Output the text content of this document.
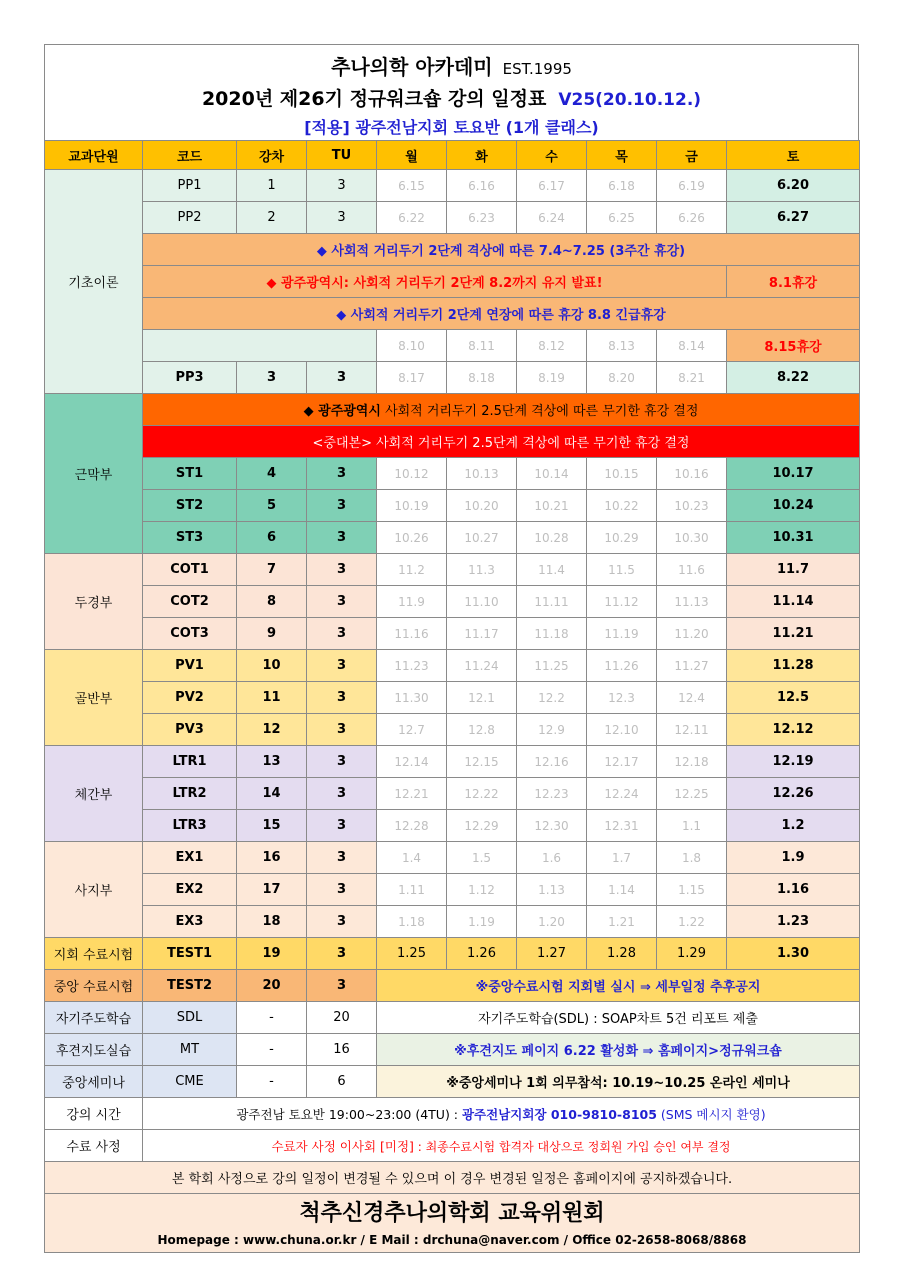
추나의학 아카데미 EST.1995
2020년 제26기 정규워크숍 강의 일정표 V25(20.10.12.)
[적용] 광주전남지회 토요반 (1개 클래스)
교과단원	코드	강차	TU	월	화	수	목	금	토
기초이론	PP1	1	3	6.15	6.16	6.17	6.18	6.19	6.20
	PP2	2	3	6.22	6.23	6.24	6.25	6.26	6.27
	◆ 사회적 거리두기 2단계 격상에 따른 7.4~7.25 (3주간 휴강)								
	◆ 광주광역시: 사회적 거리두기 2단계 8.2까지 유지 발표!								8.1휴강
	◆ 사회적 거리두기 2단계 연장에 따른 휴강 8.8 긴급휴강								
				8.10	8.11	8.12	8.13	8.14	8.15휴강
	PP3	3	3	8.17	8.18	8.19	8.20	8.21	8.22
근막부	◆ 광주광역시 사회적 거리두기 2.5단계 격상에 따른 무기한 휴강 결정								
	<중대본> 사회적 거리두기 2.5단계 격상에 따른 무기한 휴강 결정								
	ST1	4	3	10.12	10.13	10.14	10.15	10.16	10.17
	ST2	5	3	10.19	10.20	10.21	10.22	10.23	10.24
	ST3	6	3	10.26	10.27	10.28	10.29	10.30	10.31
두경부	COT1	7	3	11.2	11.3	11.4	11.5	11.6	11.7
	COT2	8	3	11.9	11.10	11.11	11.12	11.13	11.14
	COT3	9	3	11.16	11.17	11.18	11.19	11.20	11.21
골반부	PV1	10	3	11.23	11.24	11.25	11.26	11.27	11.28
	PV2	11	3	11.30	12.1	12.2	12.3	12.4	12.5
	PV3	12	3	12.7	12.8	12.9	12.10	12.11	12.12
체간부	LTR1	13	3	12.14	12.15	12.16	12.17	12.18	12.19
	LTR2	14	3	12.21	12.22	12.23	12.24	12.25	12.26
	LTR3	15	3	12.28	12.29	12.30	12.31	1.1	1.2
사지부	EX1	16	3	1.4	1.5	1.6	1.7	1.8	1.9
	EX2	17	3	1.11	1.12	1.13	1.14	1.15	1.16
	EX3	18	3	1.18	1.19	1.20	1.21	1.22	1.23
지회 수료시험	TEST1	19	3	1.25	1.26	1.27	1.28	1.29	1.30
중앙 수료시험	TEST2	20	3	※중앙수료시험 지회별 실시 ⇒ 세부일정 추후공지					
자기주도학습	SDL	-	20	자기주도학습(SDL) : SOAP차트 5건 리포트 제출					
후견지도실습	MT	-	16	※후견지도 페이지 6.22 활성화 ⇒ 홈페이지>정규워크숍					
중앙세미나	CME	-	6	※중앙세미나 1회 의무참석: 10.19~10.25 온라인 세미나					
강의 시간	광주전남 토요반 19:00~23:00 (4TU) : 광주전남지회장 010-9810-8105 (SMS 메시지 환영)								
수료 사정	수료자 사정 이사회 [미정] : 최종수료시험 합격자 대상으로 정회원 가입 승인 여부 결정								
본 학회 사정으로 강의 일정이 변경될 수 있으며 이 경우 변경된 일정은 홈페이지에 공지하겠습니다.									
척추신경추나의학회 교육위원회									
Homepage : www.chuna.or.kr / E Mail : drchuna@naver.com / Office 02-2658-8068/8868									
